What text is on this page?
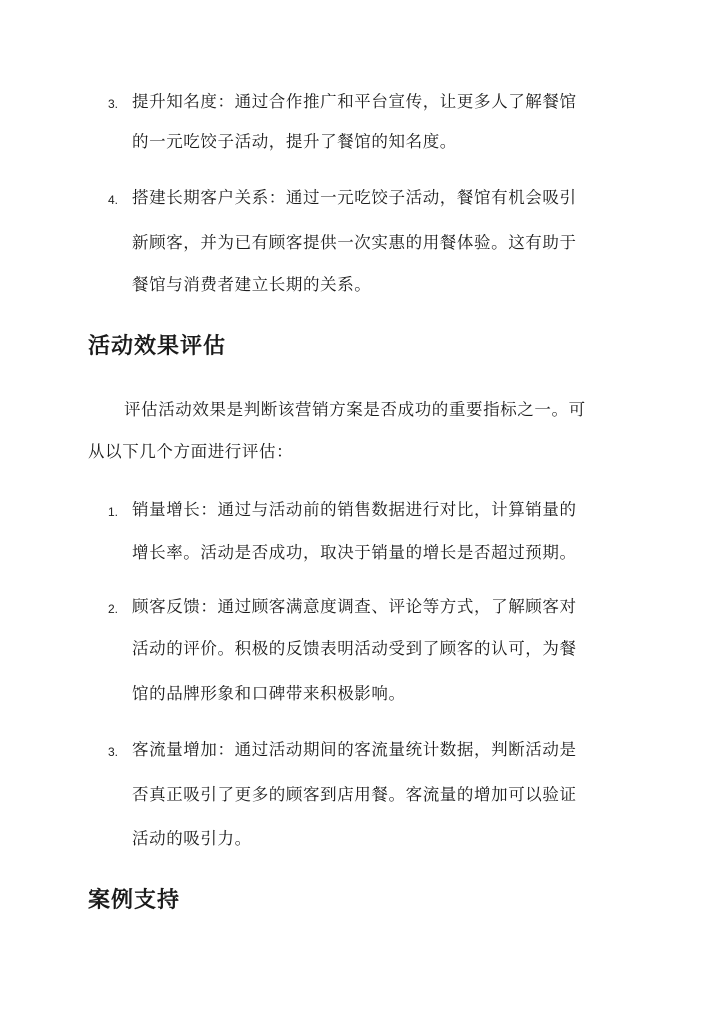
3. 提升知名度：通过合作推广和平台宣传，让更多人了解餐馆
的一元吃饺子活动，提升了餐馆的知名度。
4. 搭建长期客户关系：通过一元吃饺子活动，餐馆有机会吸引
新顾客，并为已有顾客提供一次实惠的用餐体验。这有助于
餐馆与消费者建立长期的关系。
活动效果评估
评估活动效果是判断该营销方案是否成功的重要指标之一。可
从以下几个方面进行评估：
1. 销量增长：通过与活动前的销售数据进行对比，计算销量的
增长率。活动是否成功，取决于销量的增长是否超过预期。
2. 顾客反馈：通过顾客满意度调查、评论等方式，了解顾客对
活动的评价。积极的反馈表明活动受到了顾客的认可，为餐
馆的品牌形象和口碑带来积极影响。
3. 客流量增加：通过活动期间的客流量统计数据，判断活动是
否真正吸引了更多的顾客到店用餐。客流量的增加可以验证
活动的吸引力。
案例支持
